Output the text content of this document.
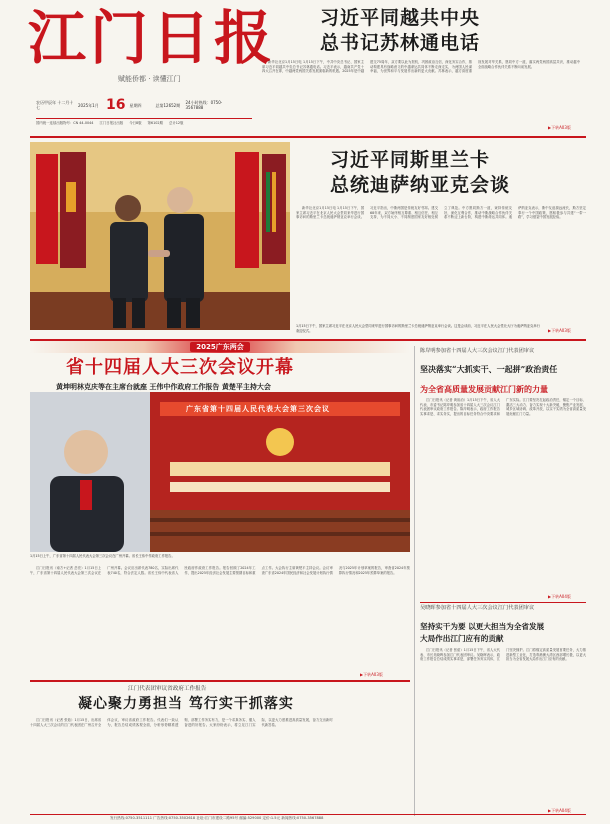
江门日报
赋能侨都 · 读懂江门
农历甲辰年 十二月十七	2025年1月 16 星期四	总第12652期	24小时热线：0750-3567888
国内统一连续出版物号：CN 44-0044 江门日报社出版 今日8版 第6102期 总计12版
习近平同越共中央
总书记苏林通电话

新华社北京1月15日电 1月15日下午，中共中央总书记、国家主席习近平同越共中央总书记苏林通电话。习近平表示，越南共产党十四大召开在即，中越两党两国关系发展面临新的机遇。2025年是中越建交75周年，双方要以此为契机，巩固政治互信，深化务实合作，推动构建具有战略意义的中越命运共同体不断走深走实，为两国人民谋幸福，为世界和平与发展作出新的更大贡献。苏林表示，越方高度重视发展对华关系，愿同中方一道，落实两党两国高层共识，推动越中全面战略合作伙伴关系不断向前发展。

▶下转A03版
习近平同斯里兰卡
总统迪萨纳亚克会谈

新华社北京1月15日电 1月15日下午，国家主席习近平在北京人民大会堂同来华进行国事访问的斯里兰卡总统迪萨纳亚克举行会谈。习近平指出，中斯两国是传统友好邻邦。建交68年来，双方始终相互尊重、相互信任、相互支持，为不同大小、不同制度国家友好相处树立了典范。中方愿同斯方一道，秉持传统友好，深化互利合作，推动中斯战略合作伙伴关系不断迈上新台阶，构建中斯命运共同体。迪萨纳亚克表示，斯中友谊源远流长，斯方坚定奉行一个中国政策，愿积极参与共建“一带一路”，学习借鉴中国发展经验。

1月15日下午，国家主席习近平在北京人民大会堂同来华进行国事访问的斯里兰卡总统迪萨纳亚克举行会谈。这是会谈前，习近平在人民大会堂北大厅为迪萨纳亚克举行欢迎仪式。	▶下转A03版
2025广东两会
省十四届人大三次会议开幕
黄坤明林克庆等在主席台就座 王伟中作政府工作报告 黄楚平主持大会
广东省第十四届人民代表大会第三次会议
1月15日上午，广东省第十四届人民代表大会第三次会议在广州开幕。省长王伟中作政府工作报告。

江门日报讯（南方+记者 岳亮）1月15日上午，广东省第十四届人民代表大会第三次会议在广州开幕。会议应出席代表780名，实际出席代表740名，符合法定人数。省长王伟中代表省人民政府作政府工作报告。报告回顾了2024年工作，提出2025年经济社会发展主要预期目标和重点工作。大会执行主席黄楚平主持会议。会议审查广东省2024年国民经济和社会发展计划执行情况与2025年计划草案的报告，审查省2024年预算执行情况和2025年预算草案的报告。

▶下转A03版
陈岸明参加省十四届人大三次会议江门代表团审议
坚决落实“大抓实干、一起拼”政治责任
为全省高质量发展贡献江门新的力量

江门日报讯（记者 黄裕治）1月15日下午，省人大代表、市委书记陈岸明参加省十四届人大三次会议江门代表团审议政府工作报告。陈岸明表示，政府工作报告实事求是、求实务实，提出的目标任务符合中央要求和广东实际。江门要坚决扛起政治责任，锚定一个目标、激活三大动力、奋力实现十大新突破，聚焦产业发展、城乡区域协调、改革开放，以实干实绩为全省高质量发展贡献江门力量。

▶下转A04版
吴晓晖参加省十四届人大三次会议江门代表团审议
坚持实干为要 以更大担当为全省发展
大局作出江门应有的贡献

江门日报讯（记者 张茹）1月15日下午，省人大代表、市长吴晓晖参加江门代表团审议。吴晓晖表示，政府工作报告总结成绩实事求是，部署任务务实具体，江门坚决拥护。江门将锚定高质量发展首要任务，大力推进新型工业化，打造粤港澳大湾区西部增长极，以更大担当为全省发展大局作出江门应有的贡献。

▶下转A04版
江门代表团审议省政府工作报告
凝心聚力勇担当 笃行实干抓落实

江门日报讯（记者 张茹）1月15日，出席省十四届人大三次会议的江门代表团在广州召开全体会议，审议省政府工作报告。代表们一致认为，报告总结成绩客观全面，分析形势精准透彻，部署工作务实有力，是一个求真务实、催人奋进的好报告。大家纷纷表示，将立足江门实际，以更大力度推进高质量发展，奋力交出新时代新答卷。

发行热线:0750-3511111 广告热线:0750-3502618 社址:江门市建设二路95号 邮编:529000 定价:1.5元 新闻热线:0750-3567888
